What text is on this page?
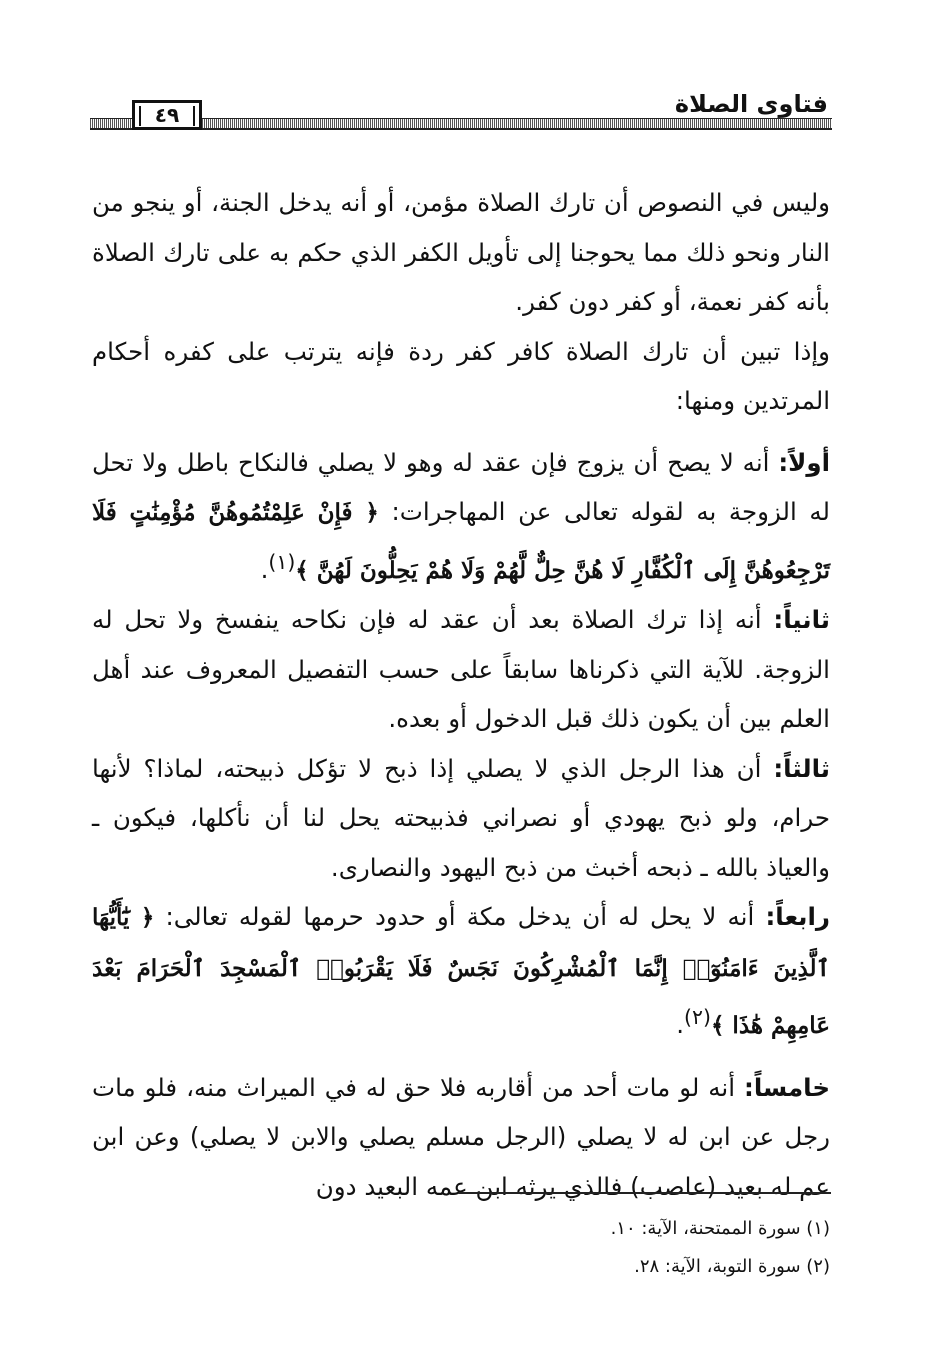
فتاوى الصلاة
٤٩

وليس في النصوص أن تارك الصلاة مؤمن، أو أنه يدخل الجنة، أو ينجو من النار ونحو ذلك مما يحوجنا إلى تأويل الكفر الذي حكم به على تارك الصلاة بأنه كفر نعمة، أو كفر دون كفر.

وإذا تبين أن تارك الصلاة كافر كفر ردة فإنه يترتب على كفره أحكام المرتدين ومنها:

أولاً: أنه لا يصح أن يزوج فإن عقد له وهو لا يصلي فالنكاح باطل ولا تحل له الزوجة به لقوله تعالى عن المهاجرات: ﴿ فَإِنْ عَلِمْتُمُوهُنَّ مُؤْمِنَٰتٍ فَلَا تَرْجِعُوهُنَّ إِلَى ٱلْكُفَّارِ لَا هُنَّ حِلٌّ لَّهُمْ وَلَا هُمْ يَحِلُّونَ لَهُنَّ ﴾$^{(١)}$.

ثانياً: أنه إذا ترك الصلاة بعد أن عقد له فإن نكاحه ينفسخ ولا تحل له الزوجة. للآية التي ذكرناها سابقاً على حسب التفصيل المعروف عند أهل العلم بين أن يكون ذلك قبل الدخول أو بعده.

ثالثاً: أن هذا الرجل الذي لا يصلي إذا ذبح لا تؤكل ذبيحته، لماذا؟ لأنها حرام، ولو ذبح يهودي أو نصراني فذبيحته يحل لنا أن نأكلها، فيكون ـ والعياذ بالله ـ ذبحه أخبث من ذبح اليهود والنصارى.

رابعاً: أنه لا يحل له أن يدخل مكة أو حدود حرمها لقوله تعالى: ﴿ يَٰٓأَيُّهَا ٱلَّذِينَ ءَامَنُوٓا۟ إِنَّمَا ٱلْمُشْرِكُونَ نَجَسٌ فَلَا يَقْرَبُوا۟ ٱلْمَسْجِدَ ٱلْحَرَامَ بَعْدَ عَامِهِمْ هَٰذَا ﴾$^{(٢)}$.

خامساً: أنه لو مات أحد من أقاربه فلا حق له في الميراث منه، فلو مات رجل عن ابن له لا يصلي (الرجل مسلم يصلي والابن لا يصلي) وعن ابن عم له بعيد (عاصب) فالذي يرثه ابن عمه البعيد دون

(١) سورة الممتحنة، الآية: ١٠.

(٢) سورة التوبة، الآية: ٢٨.
